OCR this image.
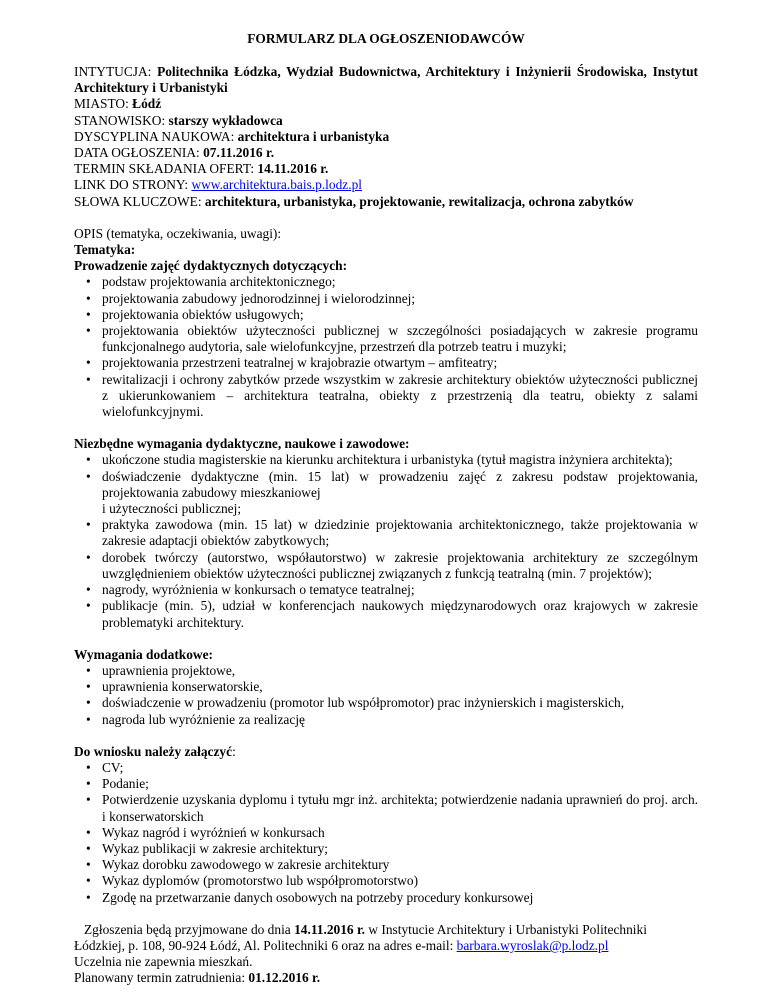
FORMULARZ DLA OGŁOSZENIODAWCÓW

INTYTUCJA: Politechnika Łódzka, Wydział Budownictwa, Architektury i Inżynierii Środowiska, Instytut Architektury i Urbanistyki

MIASTO: Łódź

STANOWISKO: starszy wykładowca

DYSCYPLINA NAUKOWA: architektura i urbanistyka

DATA OGŁOSZENIA: 07.11.2016 r.

TERMIN SKŁADANIA OFERT: 14.11.2016 r.

LINK DO STRONY: www.architektura.bais.p.lodz.pl

SŁOWA KLUCZOWE: architektura, urbanistyka, projektowanie, rewitalizacja, ochrona zabytków

OPIS (tematyka, oczekiwania, uwagi):

Tematyka:

Prowadzenie zajęć dydaktycznych dotyczących:

• podstaw projektowania architektonicznego;
• projektowania zabudowy jednorodzinnej i wielorodzinnej;
• projektowania obiektów usługowych;
• projektowania obiektów użyteczności publicznej w szczególności posiadających w zakresie programu funkcjonalnego audytoria, sale wielofunkcyjne, przestrzeń dla potrzeb teatru i muzyki;
• projektowania przestrzeni teatralnej w krajobrazie otwartym – amfiteatry;
• rewitalizacji i ochrony zabytków przede wszystkim w zakresie architektury obiektów użyteczności publicznej z ukierunkowaniem – architektura teatralna, obiekty z przestrzenią dla teatru, obiekty z salami wielofunkcyjnymi.

Niezbędne wymagania dydaktyczne, naukowe i zawodowe:

• ukończone studia magisterskie na kierunku architektura i urbanistyka (tytuł magistra inżyniera architekta);
• doświadczenie dydaktyczne (min. 15 lat) w prowadzeniu zajęć z zakresu podstaw projektowania, projektowania zabudowy mieszkaniowej
i użyteczności publicznej;
• praktyka zawodowa (min. 15 lat) w dziedzinie projektowania architektonicznego, także projektowania w zakresie adaptacji obiektów zabytkowych;
• dorobek twórczy (autorstwo, współautorstwo) w zakresie projektowania architektury ze szczególnym uwzględnieniem obiektów użyteczności publicznej związanych z funkcją teatralną (min. 7 projektów);
• nagrody, wyróżnienia w konkursach o tematyce teatralnej;
• publikacje (min. 5), udział w konferencjach naukowych międzynarodowych oraz krajowych w zakresie problematyki architektury.

Wymagania dodatkowe:

• uprawnienia projektowe,
• uprawnienia konserwatorskie,
• doświadczenie w prowadzeniu (promotor lub współpromotor) prac inżynierskich i magisterskich,
• nagroda lub wyróżnienie za realizację

Do wniosku należy załączyć:

• CV;
• Podanie;
• Potwierdzenie uzyskania dyplomu i tytułu mgr inż. architekta; potwierdzenie nadania uprawnień do proj. arch. i konserwatorskich
• Wykaz nagród i wyróżnień w konkursach
• Wykaz publikacji w zakresie architektury;
• Wykaz dorobku zawodowego w zakresie architektury
• Wykaz dyplomów (promotorstwo lub współpromotorstwo)
• Zgodę na przetwarzanie danych osobowych na potrzeby procedury konkursowej

Zgłoszenia będą przyjmowane do dnia 14.11.2016 r. w Instytucie Architektury i Urbanistyki Politechniki

Łódzkiej, p. 108, 90-924 Łódź, Al. Politechniki 6 oraz na adres e-mail: barbara.wyroslak@p.lodz.pl

Uczelnia nie zapewnia mieszkań.

Planowany termin zatrudnienia: 01.12.2016 r.
